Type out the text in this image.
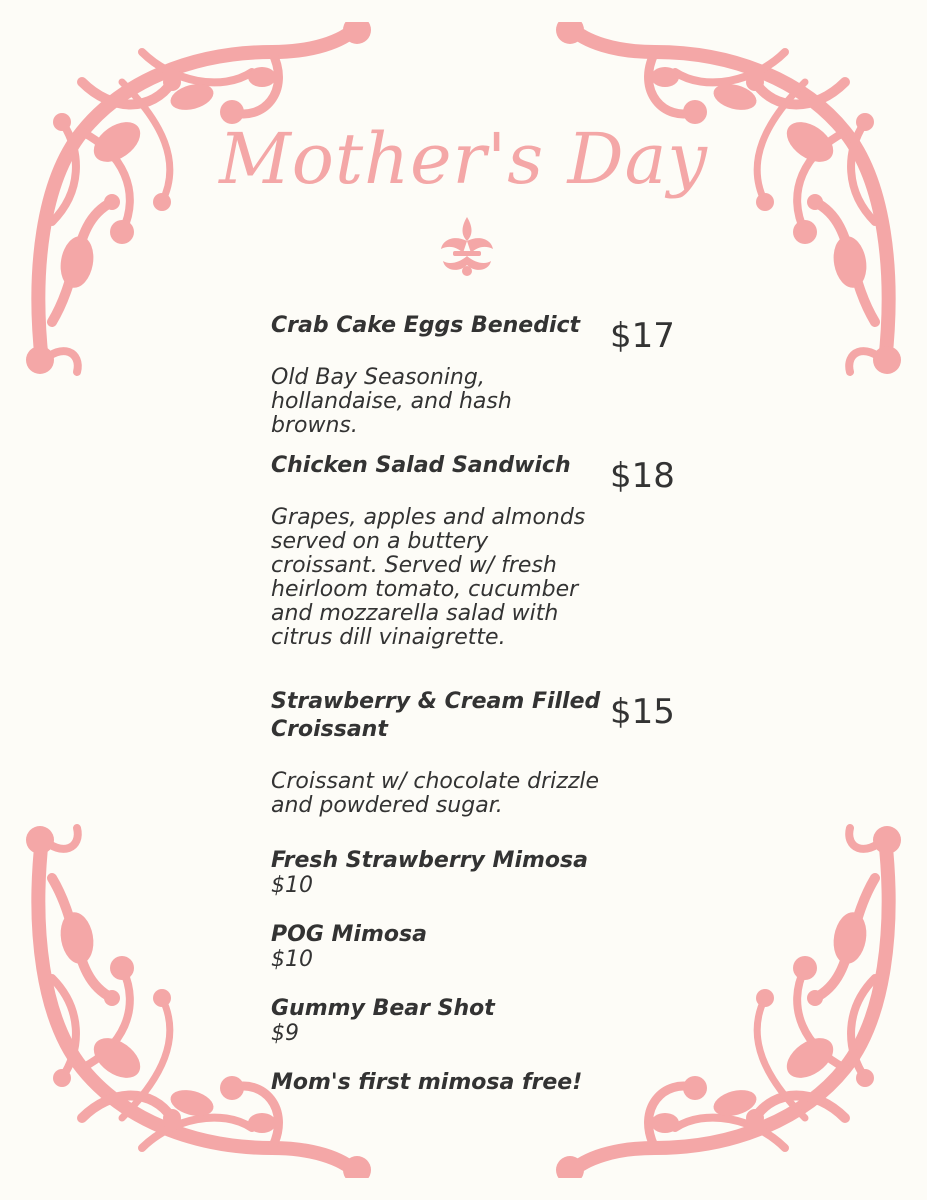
Mother's Day
Crab Cake Eggs Benedict $17
Old Bay Seasoning, hollandaise, and hash browns.
Chicken Salad Sandwich	$18
Grapes, apples and almonds served on a buttery croissant. Served w/ fresh heirloom tomato, cucumber and mozzarella salad with citrus dill vinaigrette.
Strawberry & Cream Filled Croissant	$15
Croissant w/ chocolate drizzle and powdered sugar.
Fresh Strawberry Mimosa
$10
POG Mimosa
$10
Gummy Bear Shot
$9
Mom's first mimosa free!
